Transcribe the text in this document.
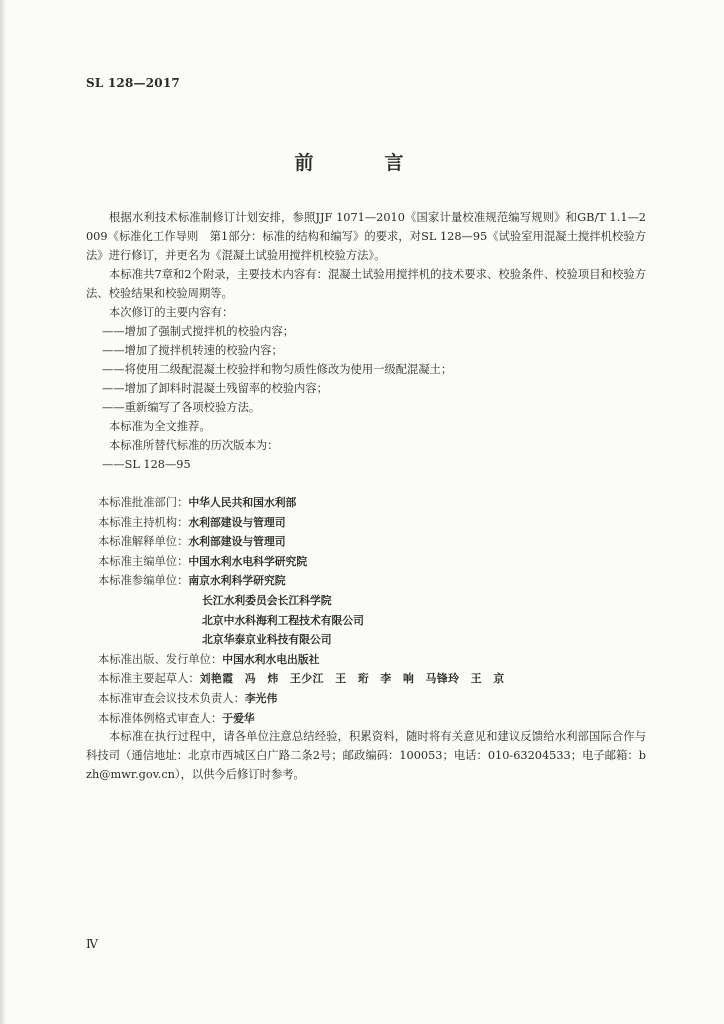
SL 128—2017
前　言

根据水利技术标准制修订计划安排，参照JJF 1071—2010《国家计量校准规范编写规则》和GB/T 1.1—2009《标准化工作导则　第1部分：标准的结构和编写》的要求，对SL 128—95《试验室用混凝土搅拌机校验方法》进行修订，并更名为《混凝土试验用搅拌机校验方法》。

本标准共7章和2个附录，主要技术内容有：混凝土试验用搅拌机的技术要求、校验条件、校验项目和校验方法、校验结果和校验周期等。

本次修订的主要内容有：

——增加了强制式搅拌机的校验内容；
——增加了搅拌机转速的校验内容；
——将使用二级配混凝土校验拌和物匀质性修改为使用一级配混凝土；
——增加了卸料时混凝土残留率的校验内容；
——重新编写了各项校验方法。

本标准为全文推荐。

本标准所替代标准的历次版本为：

——SL 128—95
本标准批准部门： 中华人民共和国水利部
本标准主持机构： 水利部建设与管理司
本标准解释单位： 水利部建设与管理司
本标准主编单位： 中国水利水电科学研究院
本标准参编单位： 南京水利科学研究院
长江水利委员会长江科学院
北京中水科海利工程技术有限公司
北京华泰京业科技有限公司
本标准出版、发行单位： 中国水利水电出版社
本标准主要起草人： 刘艳霞　冯　炜　王少江　王　珩　李　响　马锋玲　王　京
本标准审查会议技术负责人： 李光伟
本标准体例格式审查人： 于爱华

本标准在执行过程中，请各单位注意总结经验，积累资料，随时将有关意见和建议反馈给水利部国际合作与科技司（通信地址：北京市西城区白广路二条2号；邮政编码：100053；电话：010-63204533；电子邮箱：bzh@mwr.gov.cn），以供今后修订时参考。

Ⅳ
